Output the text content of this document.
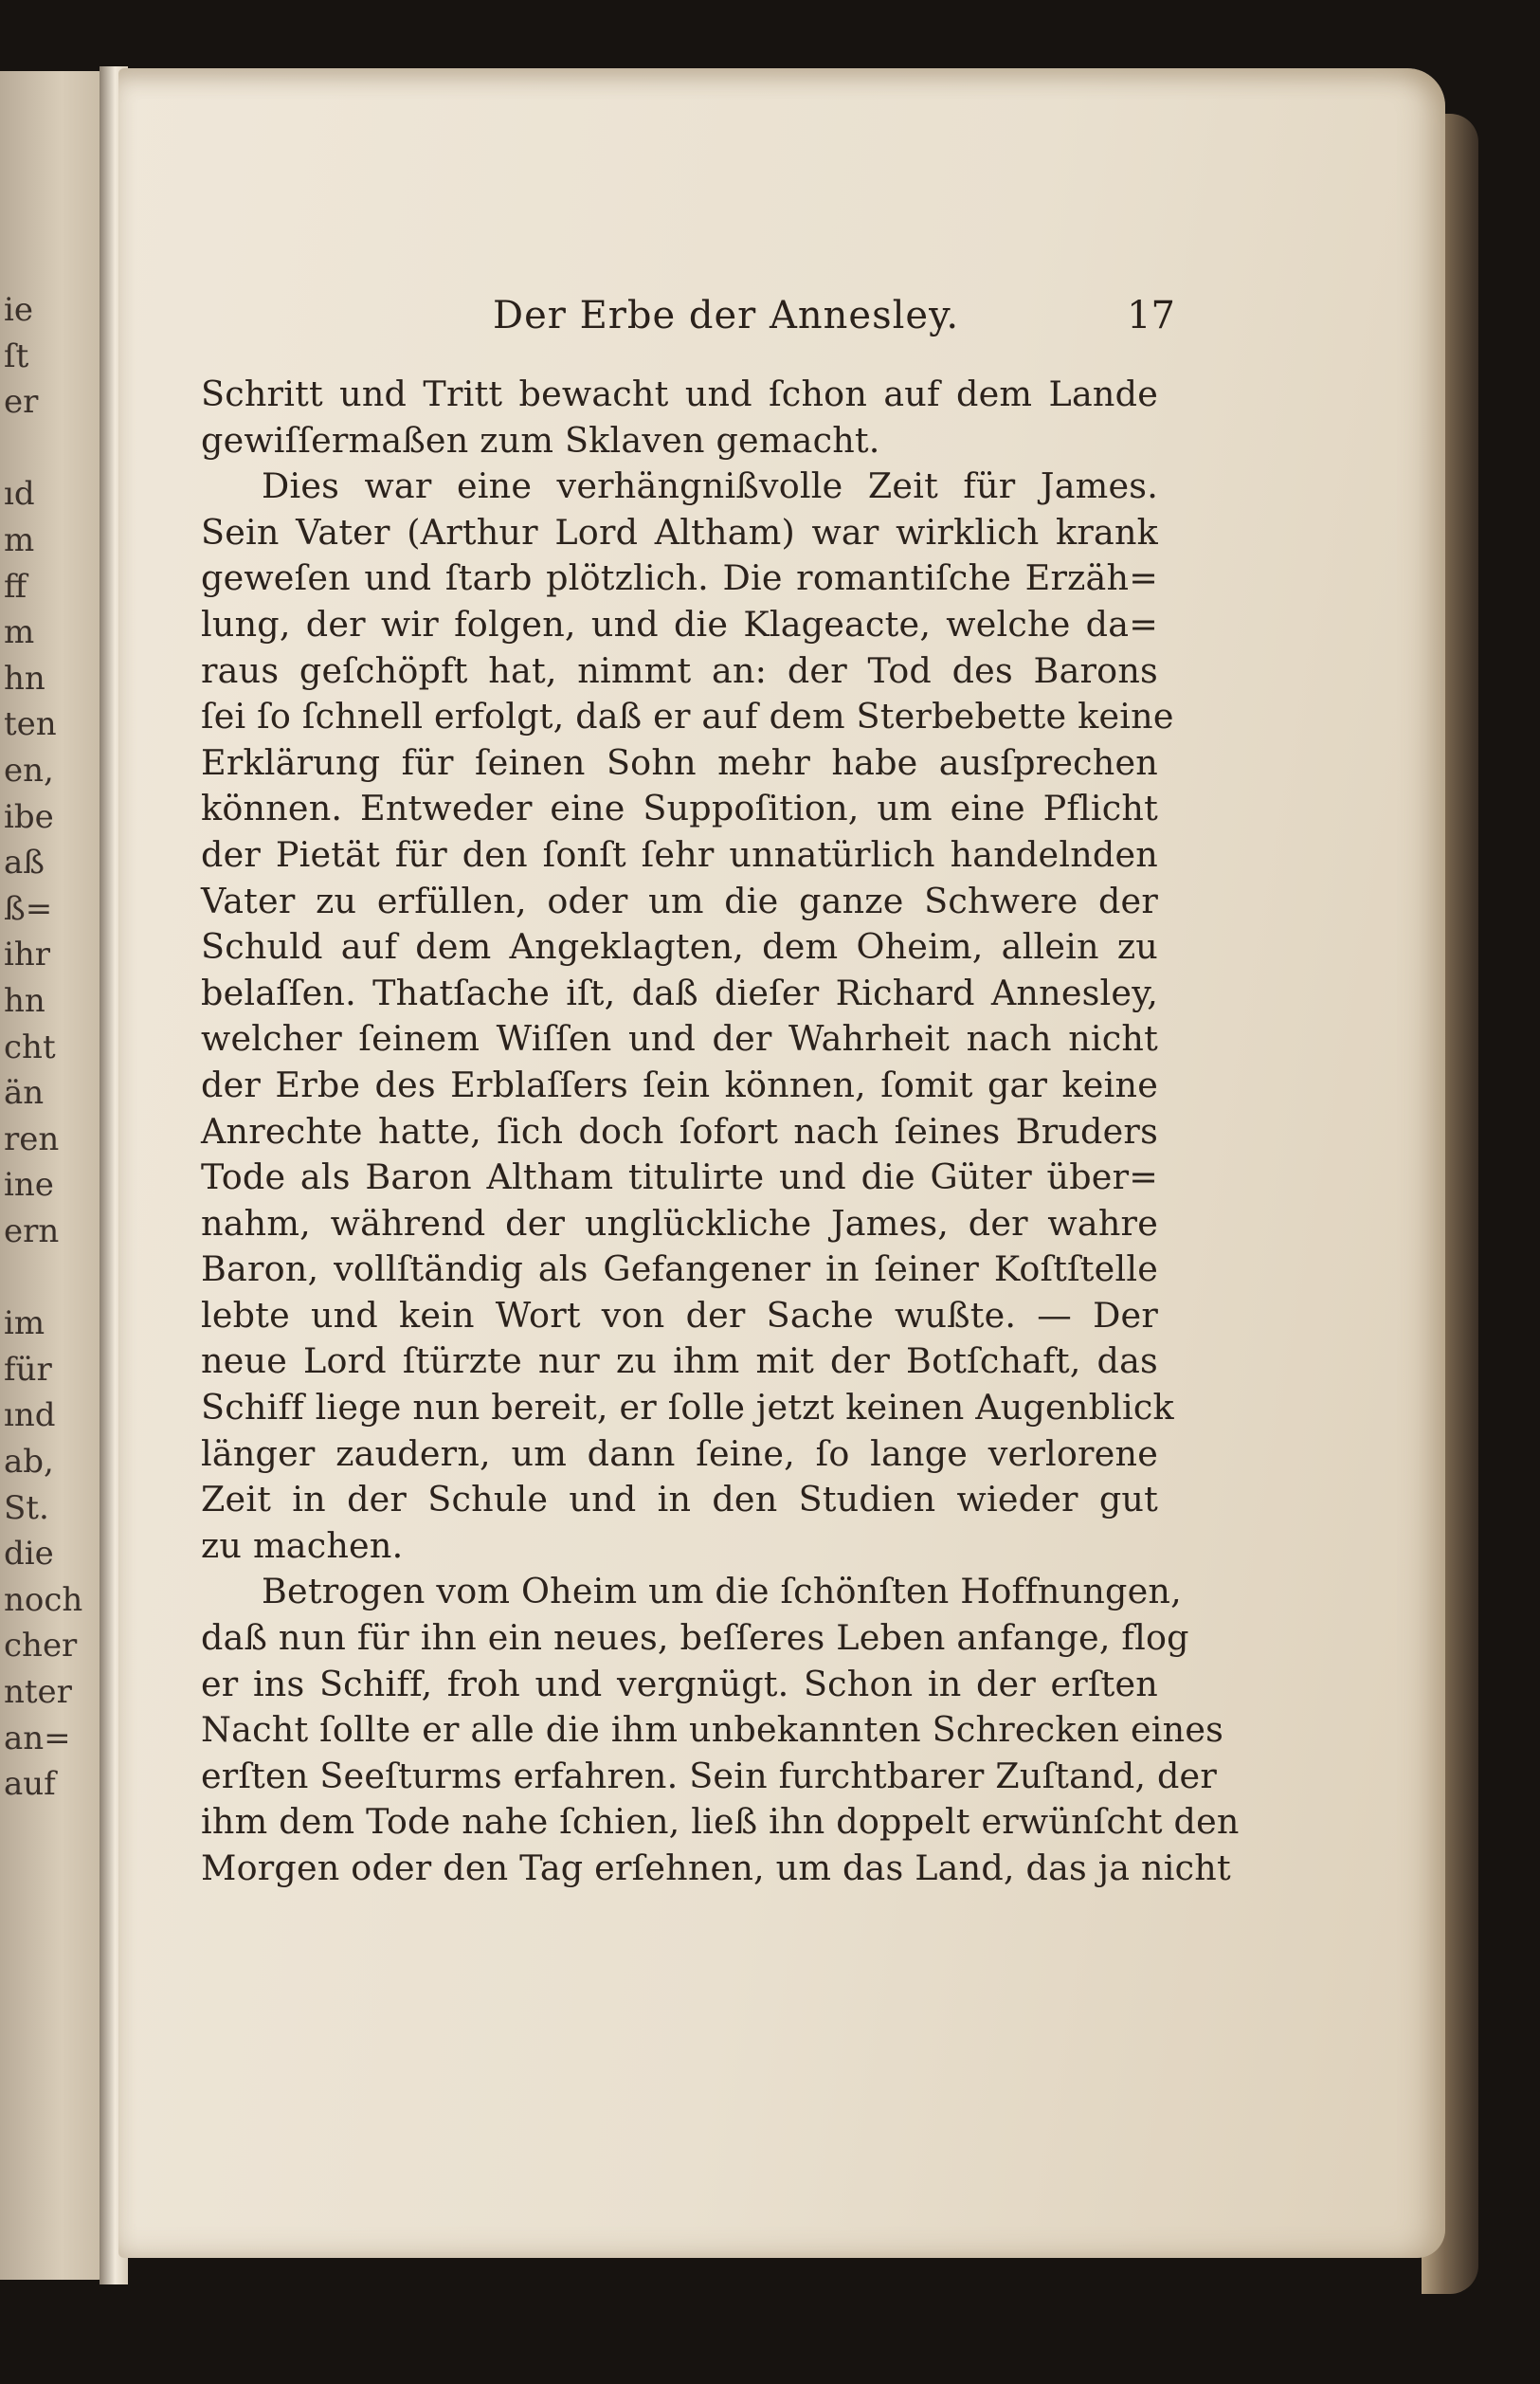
ie
ſt
er
ıd
m
ff
m
hn
ten
en,
ibe
aß
ß=
ihr
hn
cht
än
ren
ine
ern
im
für
ınd
ab,
St.
die
noch
cher
nter
an=
auf
Der Erbe der Annesley.	17
Schritt und Tritt bewacht und ſchon auf dem Lande
gewiſſermaßen zum Sklaven gemacht.
Dies war eine verhängnißvolle Zeit für James.
Sein Vater (Arthur Lord Altham) war wirklich krank
geweſen und ſtarb plötzlich. Die romantiſche Erzäh=
lung, der wir folgen, und die Klageacte, welche da=
raus geſchöpft hat, nimmt an: der Tod des Barons
ſei ſo ſchnell erfolgt, daß er auf dem Sterbebette keine
Erklärung für ſeinen Sohn mehr habe ausſprechen
können. Entweder eine Suppoſition, um eine Pflicht
der Pietät für den ſonſt ſehr unnatürlich handelnden
Vater zu erfüllen, oder um die ganze Schwere der
Schuld auf dem Angeklagten, dem Oheim, allein zu
belaſſen. Thatſache iſt, daß dieſer Richard Annesley,
welcher ſeinem Wiſſen und der Wahrheit nach nicht
der Erbe des Erblaſſers ſein können, ſomit gar keine
Anrechte hatte, ſich doch ſofort nach ſeines Bruders
Tode als Baron Altham titulirte und die Güter über=
nahm, während der unglückliche James, der wahre
Baron, vollſtändig als Gefangener in ſeiner Koſtſtelle
lebte und kein Wort von der Sache wußte. — Der
neue Lord ſtürzte nur zu ihm mit der Botſchaft, das
Schiff liege nun bereit, er ſolle jetzt keinen Augenblick
länger zaudern, um dann ſeine, ſo lange verlorene
Zeit in der Schule und in den Studien wieder gut
zu machen.
Betrogen vom Oheim um die ſchönſten Hoffnungen,
daß nun für ihn ein neues, beſſeres Leben anfange, flog
er ins Schiff, froh und vergnügt. Schon in der erſten
Nacht ſollte er alle die ihm unbekannten Schrecken eines
erſten Seeſturms erfahren. Sein furchtbarer Zuſtand, der
ihm dem Tode nahe ſchien, ließ ihn doppelt erwünſcht den
Morgen oder den Tag erſehnen, um das Land, das ja nicht
